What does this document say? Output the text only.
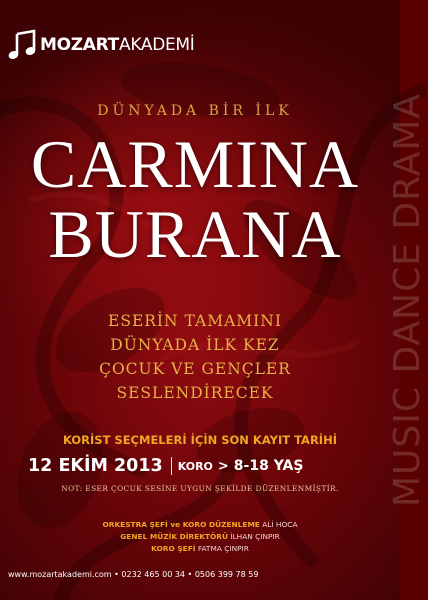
MUSIC DANCE DRAMA
MOZARTAKADEMİ
DÜNYADA BİR İLK
CARMINA
BURANA
ESERİN TAMAMINI
DÜNYADA İLK KEZ
ÇOCUK VE GENÇLER
SESLENDİRECEK
KORİST SEÇMELERİ İÇİN SON KAYIT TARİHİ
12 EKİM 2013 KORO > 8-18 YAŞ
NOT: ESER ÇOCUK SESİNE UYGUN ŞEKİLDE DÜZENLENMİŞTİR.
ORKESTRA ŞEFİ ve KORO DÜZENLEME ALİ HOCA
GENEL MÜZİK DİREKTÖRÜ İLHAN ÇINPIR
KORO ŞEFİ FATMA ÇINPIR
www.mozartakademi.com • 0232 465 00 34 • 0506 399 78 59
